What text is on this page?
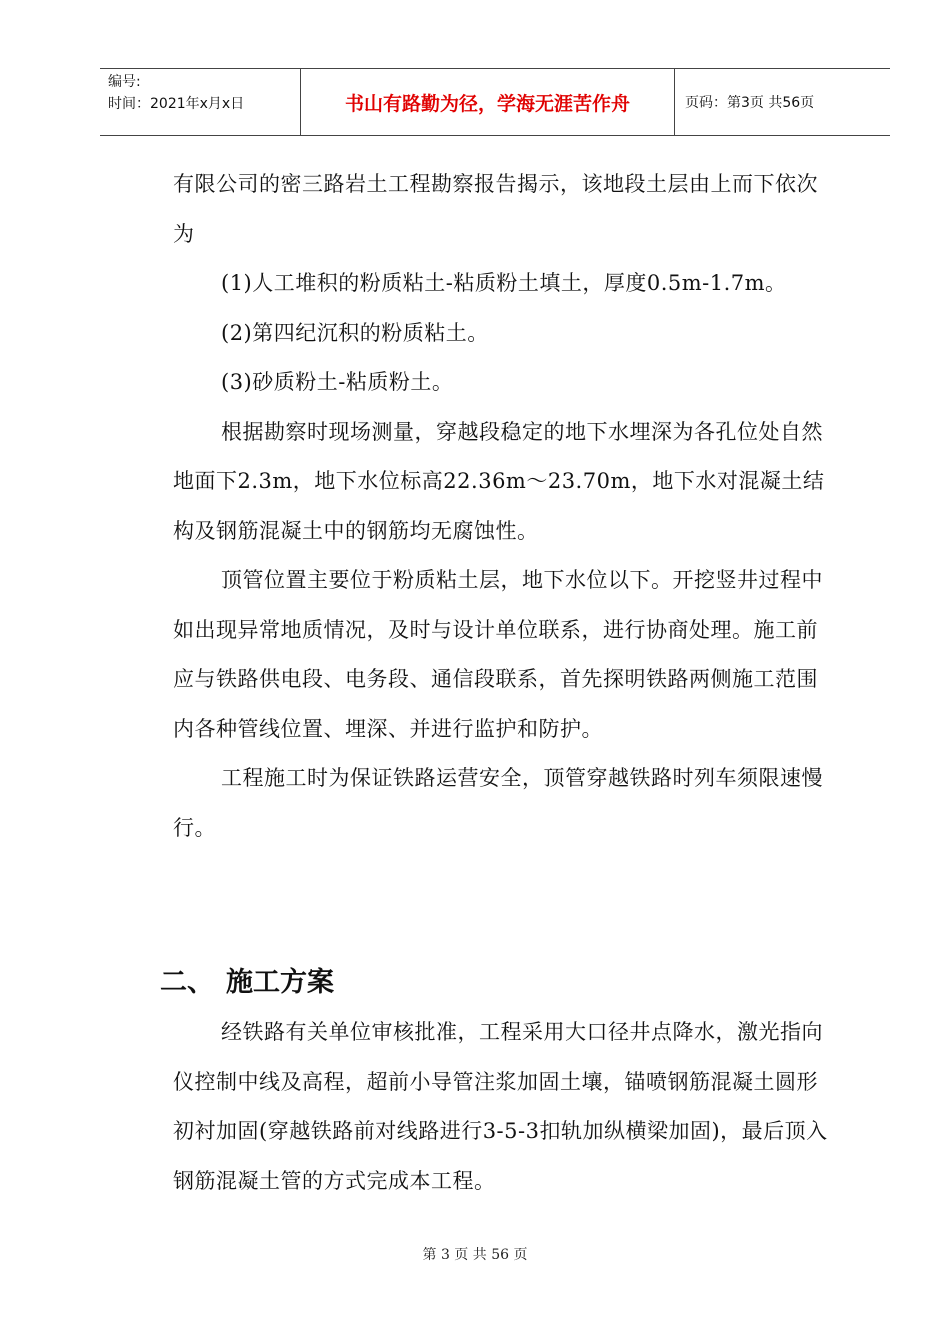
编号:
时间：2021年x月x日	书山有路勤为径，学海无涯苦作舟	页码：第3页 共56页

有限公司的密三路岩土工程勘察报告揭示，该地段土层由上而下依次为

(1)人工堆积的粉质粘土-粘质粉土填土，厚度0.5m-1.7m。

(2)第四纪沉积的粉质粘土。

(3)砂质粉土-粘质粉土。

根据勘察时现场测量，穿越段稳定的地下水埋深为各孔位处自然地面下2.3m，地下水位标高22.36m～23.70m，地下水对混凝土结构及钢筋混凝土中的钢筋均无腐蚀性。

顶管位置主要位于粉质粘土层，地下水位以下。开挖竖井过程中如出现异常地质情况，及时与设计单位联系，进行协商处理。施工前应与铁路供电段、电务段、通信段联系，首先探明铁路两侧施工范围内各种管线位置、埋深、并进行监护和防护。

工程施工时为保证铁路运营安全，顶管穿越铁路时列车须限速慢行。

二、 施工方案

经铁路有关单位审核批准，工程采用大口径井点降水，激光指向仪控制中线及高程，超前小导管注浆加固土壤，锚喷钢筋混凝土圆形初衬加固(穿越铁路前对线路进行3-5-3扣轨加纵横梁加固)，最后顶入钢筋混凝土管的方式完成本工程。

第 3 页 共 56 页
